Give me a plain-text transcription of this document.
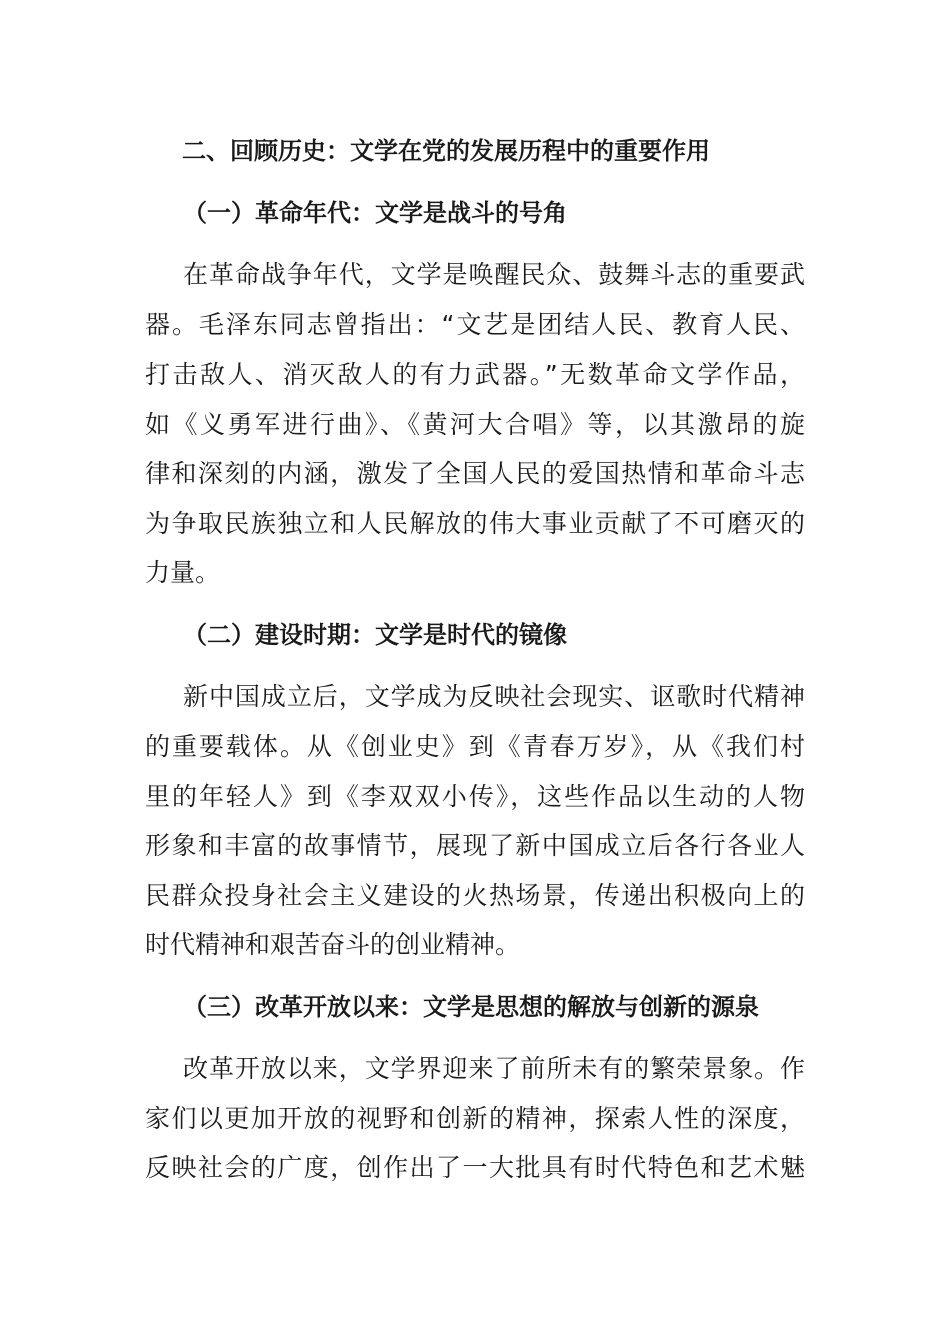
二、回顾历史：文学在党的发展历程中的重要作用
（一）革命年代：文学是战斗的号角
在革命战争年代，文学是唤醒民众、鼓舞斗志的重要武
器。毛泽东同志曾指出：“文艺是团结人民、教育人民、
打击敌人、消灭敌人的有力武器。”无数革命文学作品，
如《义勇军进行曲》、《黄河大合唱》等，以其激昂的旋
律和深刻的内涵，激发了全国人民的爱国热情和革命斗志
为争取民族独立和人民解放的伟大事业贡献了不可磨灭的
力量。
（二）建设时期：文学是时代的镜像
新中国成立后，文学成为反映社会现实、讴歌时代精神
的重要载体。从《创业史》到《青春万岁》，从《我们村
里的年轻人》到《李双双小传》，这些作品以生动的人物
形象和丰富的故事情节，展现了新中国成立后各行各业人
民群众投身社会主义建设的火热场景，传递出积极向上的
时代精神和艰苦奋斗的创业精神。
（三）改革开放以来：文学是思想的解放与创新的源泉
改革开放以来，文学界迎来了前所未有的繁荣景象。作
家们以更加开放的视野和创新的精神，探索人性的深度，
反映社会的广度，创作出了一大批具有时代特色和艺术魅
